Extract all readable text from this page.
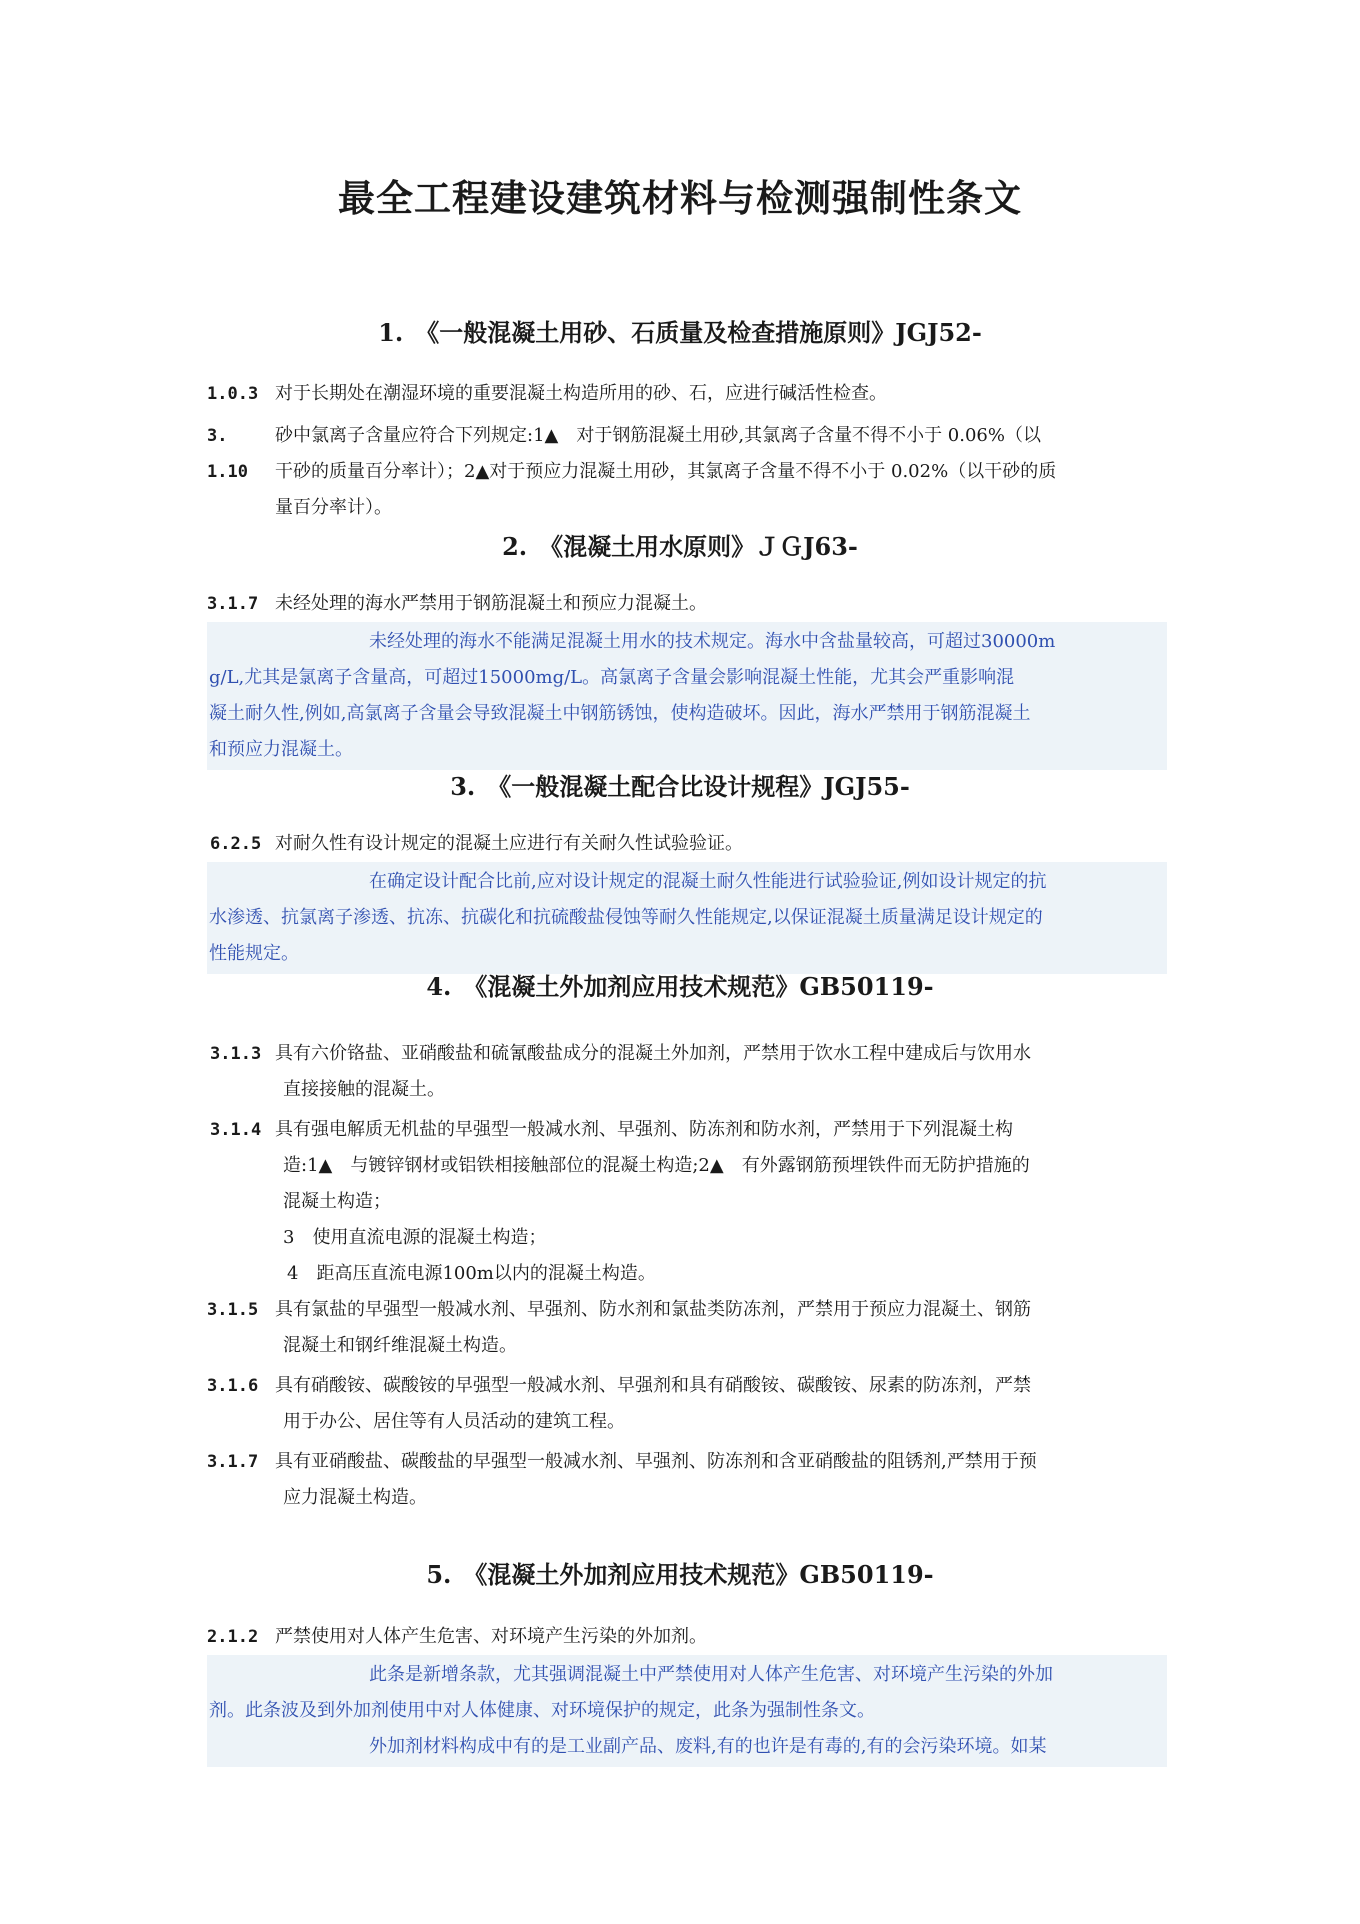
最全工程建设建筑材料与检测强制性条文
1.　《一般混凝土用砂、石质量及检查措施原则》JGJ52-
1.0.3 对于长期处在潮湿环境的重要混凝土构造所用的砂、石，应进行碱活性检查。
3.
1.10
砂中氯离子含量应符合下列规定:1▲　对于钢筋混凝土用砂,其氯离子含量不得不小于 0.06%（以
干砂的质量百分率计）；2▲对于预应力混凝土用砂，其氯离子含量不得不小于 0.02%（以干砂的质
量百分率计）。
2.　《混凝土用水原则》ＪＧJ63-
3.1.7 未经处理的海水严禁用于钢筋混凝土和预应力混凝土。
未经处理的海水不能满足混凝土用水的技术规定。海水中含盐量较高，可超过30000m
g/L,尤其是氯离子含量高，可超过15000mg/L。高氯离子含量会影响混凝土性能，尤其会严重影响混
凝土耐久性,例如,高氯离子含量会导致混凝土中钢筋锈蚀，使构造破坏。因此，海水严禁用于钢筋混凝土
和预应力混凝土。
3.　《一般混凝土配合比设计规程》JGJ55-
6.2.5 对耐久性有设计规定的混凝土应进行有关耐久性试验验证。
在确定设计配合比前,应对设计规定的混凝土耐久性能进行试验验证,例如设计规定的抗
水渗透、抗氯离子渗透、抗冻、抗碳化和抗硫酸盐侵蚀等耐久性能规定,以保证混凝土质量满足设计规定的
性能规定。
4.　《混凝土外加剂应用技术规范》GB50119-
3.1.3 具有六价铬盐、亚硝酸盐和硫氰酸盐成分的混凝土外加剂，严禁用于饮水工程中建成后与饮用水
直接接触的混凝土。
3.1.4 具有强电解质无机盐的早强型一般减水剂、早强剂、防冻剂和防水剂，严禁用于下列混凝土构
造:1▲　与镀锌钢材或铝铁相接触部位的混凝土构造;2▲　有外露钢筋预埋铁件而无防护措施的
混凝土构造；
3　使用直流电源的混凝土构造；
4　距高压直流电源100m以内的混凝土构造。
3.1.5 具有氯盐的早强型一般减水剂、早强剂、防水剂和氯盐类防冻剂，严禁用于预应力混凝土、钢筋
混凝土和钢纤维混凝土构造。
3.1.6 具有硝酸铵、碳酸铵的早强型一般减水剂、早强剂和具有硝酸铵、碳酸铵、尿素的防冻剂，严禁
用于办公、居住等有人员活动的建筑工程。
3.1.7 具有亚硝酸盐、碳酸盐的早强型一般减水剂、早强剂、防冻剂和含亚硝酸盐的阻锈剂,严禁用于预
应力混凝土构造。
5.　《混凝土外加剂应用技术规范》GB50119-
2.1.2 严禁使用对人体产生危害、对环境产生污染的外加剂。
此条是新增条款，尤其强调混凝土中严禁使用对人体产生危害、对环境产生污染的外加
剂。此条波及到外加剂使用中对人体健康、对环境保护的规定，此条为强制性条文。
外加剂材料构成中有的是工业副产品、废料,有的也许是有毒的,有的会污染环境。如某
